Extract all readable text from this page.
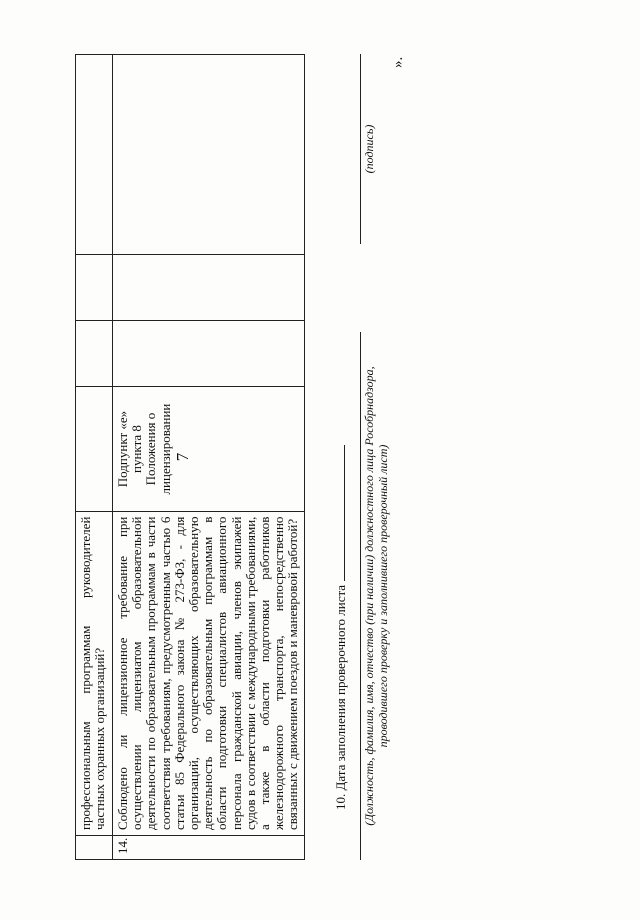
7
	профессиональным программам руководителей частных охранных организаций?				
14.	Соблюдено ли лицензионное требование при осуществлении лицензиатом образовательной деятельности по образовательным программам в части соответствия требованиям, предусмотренным частью 6 статьи 85 Федерального закона № 273-ФЗ, - для организаций, осуществляющих образовательную деятельность по образовательным программам в области подготовки специалистов авиационного персонала гражданской авиации, членов экипажей судов в соответствии с международными требованиями, а также в области подготовки работников железнодорожного транспорта, непосредственно связанных с движением поездов и маневровой работой?	Подпункт «е» пункта 8 Положения о лицензировании			
10. Дата заполнения проверочного листа (Должность, фамилия, имя, отчество (при наличии) должностного лица Рособрнадзора, проводившего проверку и заполнившего проверочный лист)
(подпись)
».
